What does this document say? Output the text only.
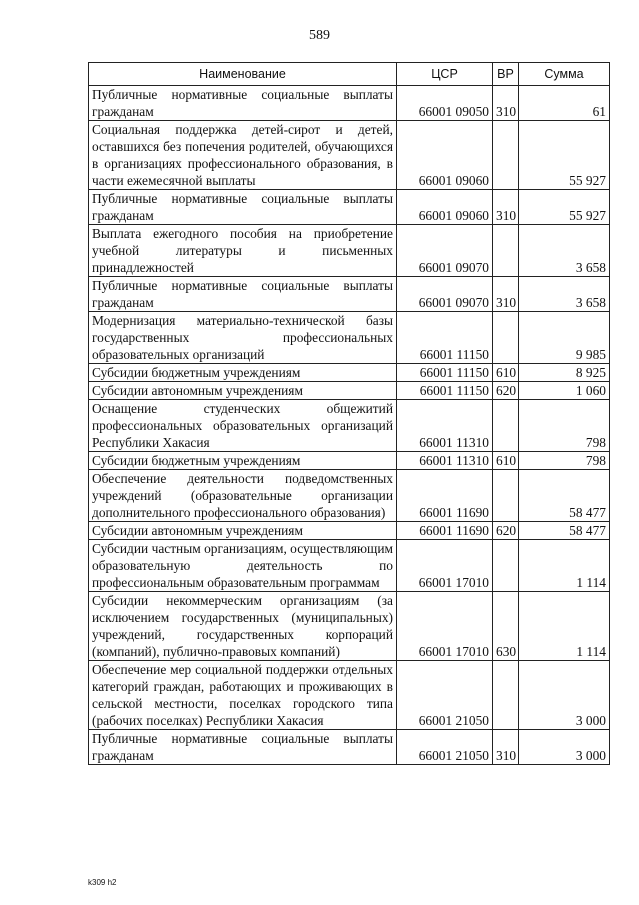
589
Наименование	ЦСР	ВР	Сумма
Публичные нормативные социальные выплаты гражданам	66001 09050	310	61
Социальная поддержка детей-сирот и детей, оставшихся без попечения родителей, обучающихся в организациях профессионального образования, в части ежемесячной выплаты	66001 09060		55 927
Публичные нормативные социальные выплаты гражданам	66001 09060	310	55 927
Выплата ежегодного пособия на приобретение учебной литературы и письменных принадлежностей	66001 09070		3 658
Публичные нормативные социальные выплаты гражданам	66001 09070	310	3 658
Модернизация материально-технической базы государственных профессиональных образовательных организаций	66001 11150		9 985
Субсидии бюджетным учреждениям	66001 11150	610	8 925
Субсидии автономным учреждениям	66001 11150	620	1 060
Оснащение студенческих общежитий профессиональных образовательных организаций Республики Хакасия	66001 11310		798
Субсидии бюджетным учреждениям	66001 11310	610	798
Обеспечение деятельности подведомственных учреждений (образовательные организации дополнительного профессионального образования)	66001 11690		58 477
Субсидии автономным учреждениям	66001 11690	620	58 477
Субсидии частным организациям, осуществляющим образовательную деятельность по профессиональным образовательным программам	66001 17010		1 114
Субсидии некоммерческим организациям (за исключением государственных (муниципальных) учреждений, государственных корпораций (компаний), публично-правовых компаний)	66001 17010	630	1 114
Обеспечение мер социальной поддержки отдельных категорий граждан, работающих и проживающих в сельской местности, поселках городского типа (рабочих поселках) Республики Хакасия	66001 21050		3 000
Публичные нормативные социальные выплаты гражданам	66001 21050	310	3 000
k309 h2
